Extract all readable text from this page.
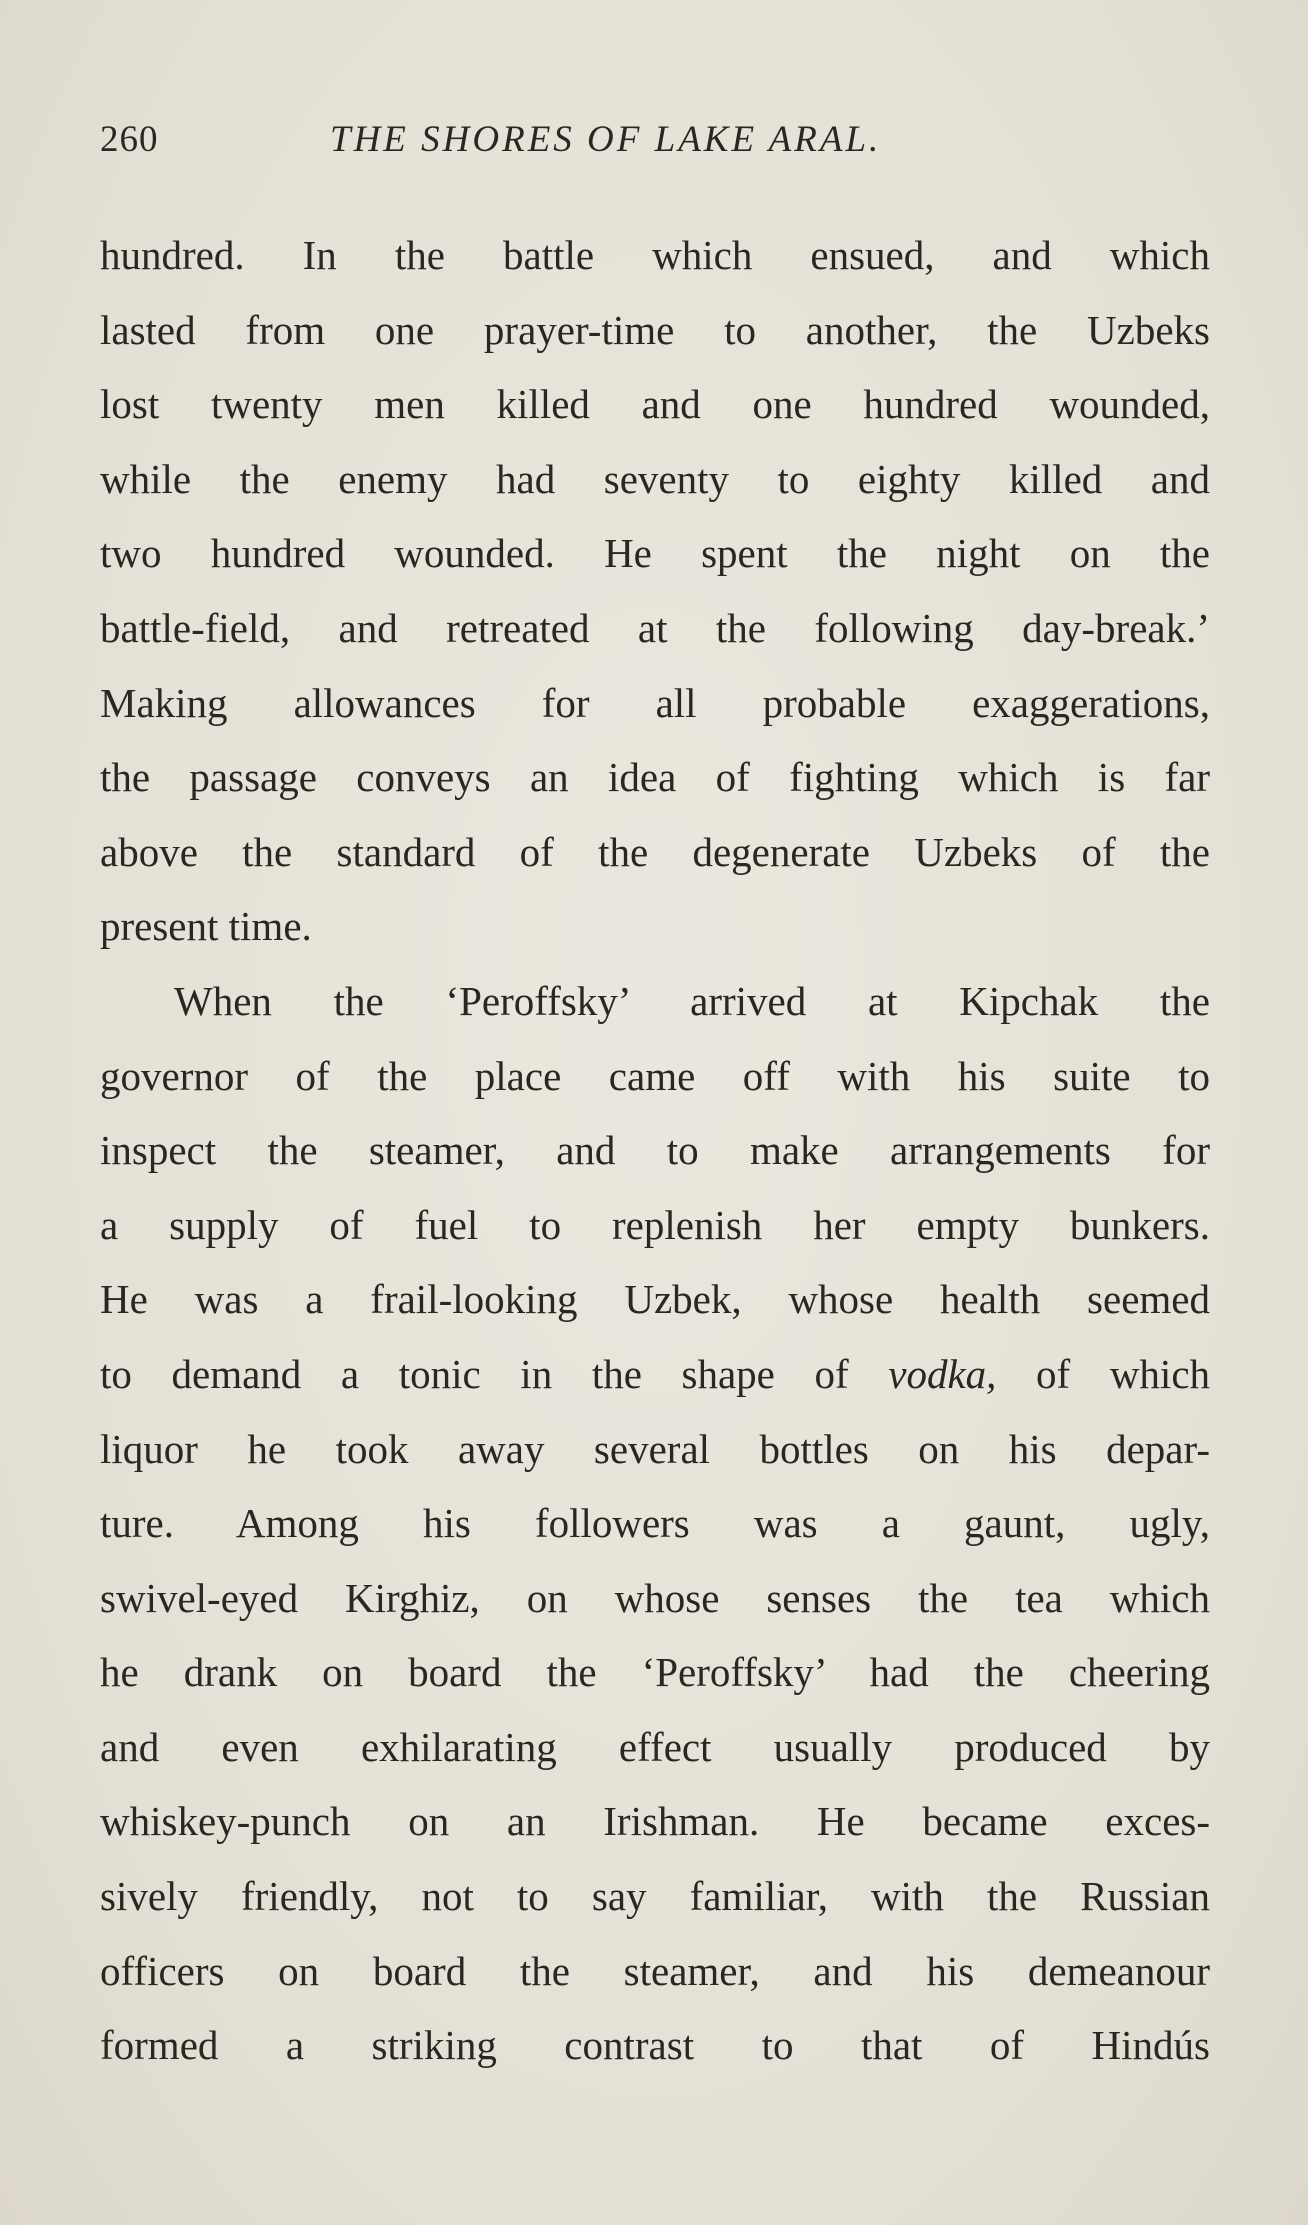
260	THE SHORES OF LAKE ARAL.
hundred. In the battle which ensued, and which
lasted from one prayer-time to another, the Uzbeks
lost twenty men killed and one hundred wounded,
while the enemy had seventy to eighty killed and
two hundred wounded. He spent the night on the
battle-field, and retreated at the following day-break.’
Making allowances for all probable exaggerations,
the passage conveys an idea of fighting which is far
above the standard of the degenerate Uzbeks of the
present time.
When the ‘Peroffsky’ arrived at Kipchak the
governor of the place came off with his suite to
inspect the steamer, and to make arrangements for
a supply of fuel to replenish her empty bunkers.
He was a frail-looking Uzbek, whose health seemed
to demand a tonic in the shape of vodka, of which
liquor he took away several bottles on his depar-
ture. Among his followers was a gaunt, ugly,
swivel-eyed Kirghiz, on whose senses the tea which
he drank on board the ‘Peroffsky’ had the cheering
and even exhilarating effect usually produced by
whiskey-punch on an Irishman. He became exces-
sively friendly, not to say familiar, with the Russian
officers on board the steamer, and his demeanour
formed a striking contrast to that of Hindús
